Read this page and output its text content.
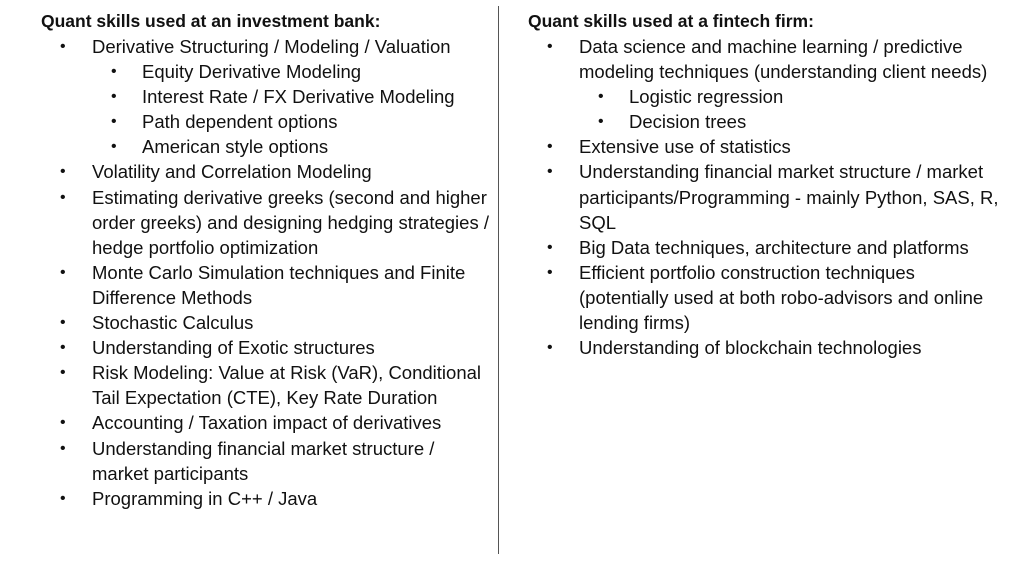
Quant skills used at an investment bank:
• Derivative Structuring / Modeling / Valuation
• Equity Derivative Modeling
• Interest Rate / FX Derivative Modeling
• Path dependent options
• American style options
• Volatility and Correlation Modeling
• Estimating derivative greeks (second and higher order greeks) and designing hedging strategies / hedge portfolio optimization
• Monte Carlo Simulation techniques and Finite Difference Methods
• Stochastic Calculus
• Understanding of Exotic structures
• Risk Modeling: Value at Risk (VaR), Conditional Tail Expectation (CTE), Key Rate Duration
• Accounting / Taxation impact of derivatives
• Understanding financial market structure / market participants
• Programming in C++ / Java
Quant skills used at a fintech firm:
• Data science and machine learning / predictive modeling techniques (understanding client needs)
• Logistic regression
• Decision trees
• Extensive use of statistics
• Understanding financial market structure / market participants/Programming - mainly Python, SAS, R, SQL
• Big Data techniques, architecture and platforms
• Efficient portfolio construction techniques (potentially used at both robo-advisors and online lending firms)
• Understanding of blockchain technologies
